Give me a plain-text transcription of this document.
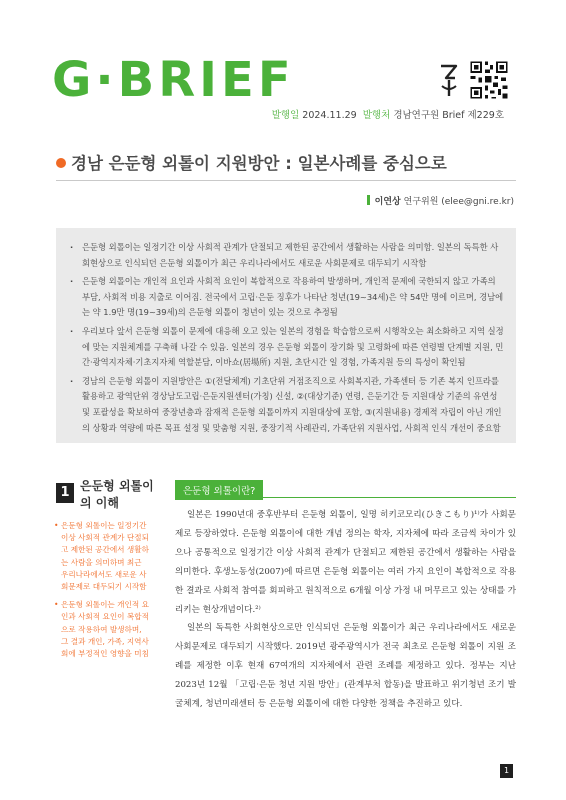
G·BRIEF
발행일 2024.11.29 발행처 경남연구원 Brief 제229호
경남 은둔형 외톨이 지원방안 : 일본사례를 중심으로
이연상 연구위원 (elee@gni.re.kr)
· 은둔형 외톨이는 일정기간 이상 사회적 관계가 단절되고 제한된 공간에서 생활하는 사람을 의미함. 일본의 독특한 사회현상으로 인식되던 은둔형 외톨이가 최근 우리나라에서도 새로운 사회문제로 대두되기 시작함
· 은둔형 외톨이는 개인적 요인과 사회적 요인이 복합적으로 작용하여 발생하며, 개인적 문제에 국한되지 않고 가족의 부담, 사회적 비용 지출로 이어짐. 전국에서 고립·은둔 징후가 나타난 청년(19~34세)은 약 54만 명에 이르며, 경남에는 약 1.9만 명(19~39세)의 은둔형 외톨이 청년이 있는 것으로 추정됨
· 우리보다 앞서 은둔형 외톨이 문제에 대응해 오고 있는 일본의 경험을 학습함으로써 시행착오는 최소화하고 지역 실정에 맞는 지원체계를 구축해 나갈 수 있음. 일본의 경우 은둔형 외톨이 장기화 및 고령화에 따른 연령별 단계별 지원, 민간·광역지자체·기초지자체 역할분담, 이바쇼(居場所) 지원, 초단시간 일 경험, 가족지원 등의 특성이 확인됨
· 경남의 은둔형 외톨이 지원방안은 ①(전달체계) 기초단위 거점조직으로 사회복지관, 가족센터 등 기존 복지 인프라를 활용하고 광역단위 경상남도고립·은둔지원센터(가칭) 신설, ②(대상기준) 연령, 은둔기간 등 지원대상 기준의 유연성 및 포괄성을 확보하여 중장년층과 잠재적 은둔형 외톨이까지 지원대상에 포함, ③(지원내용) 경제적 자립이 아닌 개인의 상황과 역량에 따른 목표 설정 및 맞춤형 지원, 중장기적 사례관리, 가족단위 지원사업, 사회적 인식 개선이 중요함
1 은둔형 외톨이의 이해

• 은둔형 외톨이는 일정기간 이상 사회적 관계가 단절되고 제한된 공간에서 생활하는 사람을 의미하며 최근 우리나라에서도 새로운 사회문제로 대두되기 시작함

• 은둔형 외톨이는 개인적 요인과 사회적 요인이 복합적으로 작용하여 발생하며, 그 결과 개인, 가족, 지역사회에 부정적인 영향을 미침

은둔형 외톨이란?

일본은 1990년대 중후반부터 은둔형 외톨이, 일명 히키코모리(ひきこもり)¹⁾가 사회문제로 등장하였다. 은둔형 외톨이에 대한 개념 정의는 학자, 지자체에 따라 조금씩 차이가 있으나 공통적으로 일정기간 이상 사회적 관계가 단절되고 제한된 공간에서 생활하는 사람을 의미한다. 후생노동성(2007)에 따르면 은둔형 외톨이는 여러 가지 요인이 복합적으로 작용한 결과로 사회적 참여를 회피하고 원칙적으로 6개월 이상 가정 내 머무르고 있는 상태를 가리키는 현상개념이다.²⁾

일본의 독특한 사회현상으로만 인식되던 은둔형 외톨이가 최근 우리나라에서도 새로운 사회문제로 대두되기 시작했다. 2019년 광주광역시가 전국 최초로 은둔형 외톨이 지원 조례를 제정한 이후 현재 67여개의 지자체에서 관련 조례를 제정하고 있다. 정부는 지난 2023년 12월 「고립·은둔 청년 지원 방안」(관계부처 합동)을 발표하고 위기청년 조기 발굴체계, 청년미래센터 등 은둔형 외톨이에 대한 다양한 정책을 추진하고 있다.

1
